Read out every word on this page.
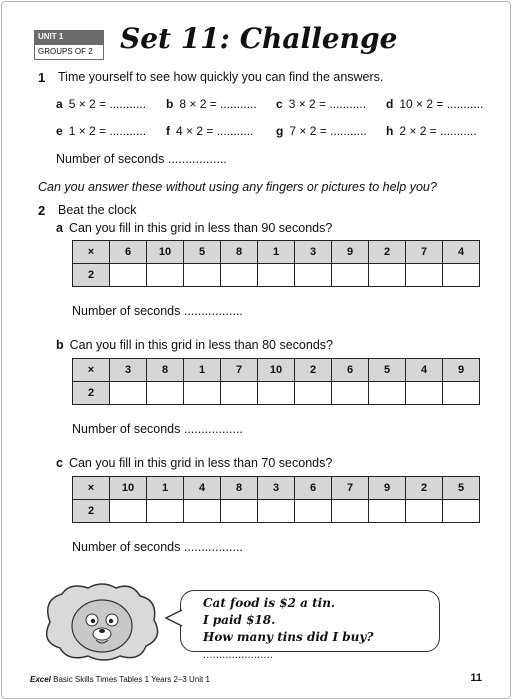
UNIT 1
GROUPS OF 2 Set 11: Challenge
1 Time yourself to see how quickly you can find the answers.
a 5 × 2 = ...........	b 8 × 2 = ...........	c 3 × 2 = ...........	d 10 × 2 = ...........
e 1 × 2 = ...........	f 4 × 2 = ...........	g 7 × 2 = ...........	h 2 × 2 = ...........
Number of seconds .................
Can you answer these without using any fingers or pictures to help you?
2 Beat the clock
a Can you fill in this grid in less than 90 seconds?
×	6	10	5	8	1	3	9	2	7	4
2										
Number of seconds .................
b Can you fill in this grid in less than 80 seconds?
×	3	8	1	7	10	2	6	5	4	9
2										
Number of seconds .................
c Can you fill in this grid in less than 70 seconds?
×	10	1	4	8	3	6	7	9	2	5
2										
Number of seconds .................
Cat food is $2 a tin.
I paid $18.
How many tins did I buy? ......................
Excel Basic Skills Times Tables 1 Years 2–3 Unit 1	11
